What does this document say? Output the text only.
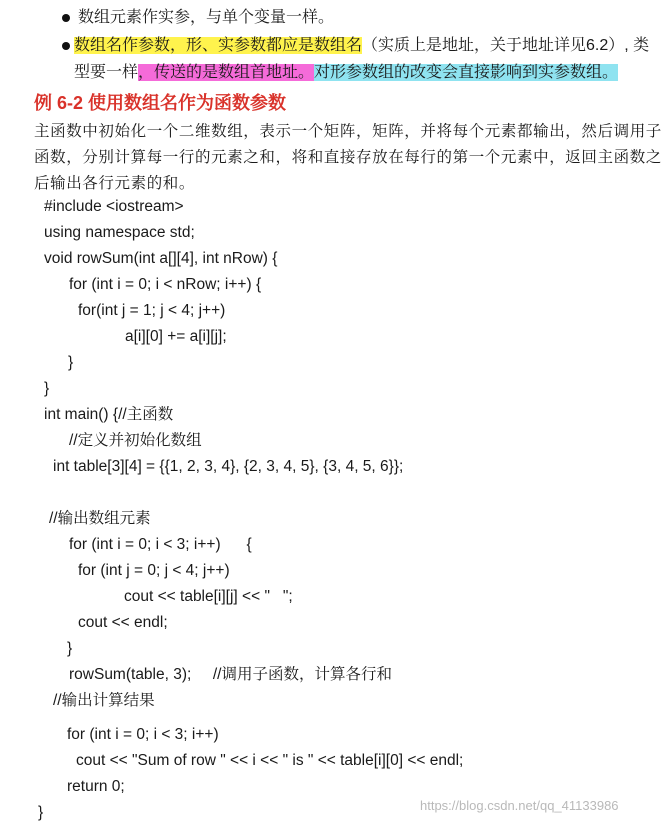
数组元素作实参，与单个变量一样。
数组名作参数，形、实参数都应是数组名（实质上是地址，关于地址详见6.2）, 类
型要一样，传送的是数组首地址。对形参数组的改变会直接影响到实参数组。
例 6-2 使用数组名作为函数参数
主函数中初始化一个二维数组，表示一个矩阵，矩阵，并将每个元素都输出，然后调用子
函数，分别计算每一行的元素之和，将和直接存放在每行的第一个元素中，返回主函数之
后输出各行元素的和。
#include <iostream>
using namespace std;
void rowSum(int a[][4], int nRow) {
for (int i = 0; i < nRow; i++) {
for(int j = 1; j < 4; j++)
a[i][0] += a[i][j];
}
}
int main() {//主函数
//定义并初始化数组
int table[3][4] = {{1, 2, 3, 4}, {2, 3, 4, 5}, {3, 4, 5, 6}};
//输出数组元素
for (int i = 0; i < 3; i++)      {
for (int j = 0; j < 4; j++)
cout << table[i][j] << "   ";
cout << endl;
}
rowSum(table, 3);     //调用子函数，计算各行和
//输出计算结果
for (int i = 0; i < 3; i++)
cout << "Sum of row " << i << " is " << table[i][0] << endl;
return 0;
}	https://blog.csdn.net/qq_41133986
